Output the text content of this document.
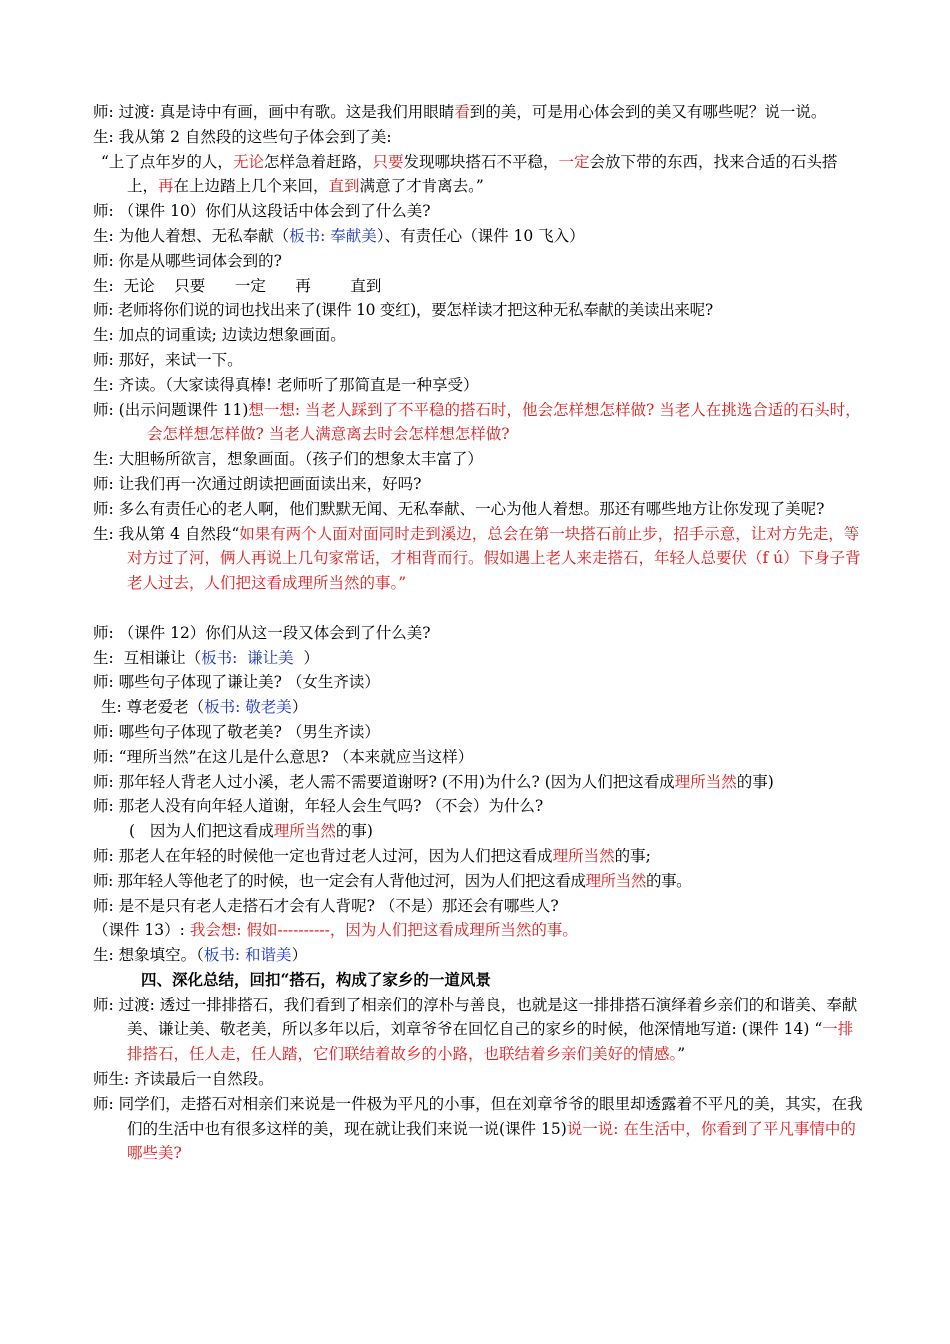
师: 过渡: 真是诗中有画，画中有歌。这是我们用眼睛看到的美，可是用心体会到的美又有哪些呢？说一说。
生: 我从第 2 自然段的这些句子体会到了美:
“上了点年岁的人，无论怎样急着赶路，只要发现哪块搭石不平稳，一定会放下带的东西，找来合适的石头搭上，再在上边踏上几个来回，直到满意了才肯离去。”
师: （课件 10）你们从这段话中体会到了什么美?
生: 为他人着想、无私奉献（板书: 奉献美）、有责任心（课件 10 飞入）
师: 你是从哪些词体会到的?
生:  无论    只要      一定      再        直到
师: 老师将你们说的词也找出来了(课件 10 变红)，要怎样读才把这种无私奉献的美读出来呢?
生: 加点的词重读; 边读边想象画面。
师: 那好，来试一下。
生: 齐读。（大家读得真棒! 老师听了那简直是一种享受）
师: (出示问题课件 11)想一想: 当老人踩到了不平稳的搭石时，他会怎样想怎样做? 当老人在挑选合适的石头时，会怎样想怎样做? 当老人满意离去时会怎样想怎样做?
生: 大胆畅所欲言，想象画面。（孩子们的想象太丰富了）
师: 让我们再一次通过朗读把画面读出来，好吗?
师: 多么有责任心的老人啊，他们默默无闻、无私奉献、一心为他人着想。那还有哪些地方让你发现了美呢?
生: 我从第 4 自然段“如果有两个人面对面同时走到溪边，总会在第一块搭石前止步，招手示意，让对方先走，等对方过了河，俩人再说上几句家常话，才相背而行。假如遇上老人来走搭石，年轻人总要伏（f ú）下身子背老人过去，人们把这看成理所当然的事。”
师: （课件 12）你们从这一段又体会到了什么美?
生:  互相谦让（板书:  谦让美  ）
师: 哪些句子体现了谦让美? （女生齐读）
生: 尊老爱老（板书: 敬老美）
师: 哪些句子体现了敬老美? （男生齐读）
师: “理所当然”在这儿是什么意思? （本来就应当这样）
师: 那年轻人背老人过小溪，老人需不需要道谢呀? (不用)为什么? (因为人们把这看成理所当然的事)
师: 那老人没有向年轻人道谢，年轻人会生气吗? （不会）为什么?
(   因为人们把这看成理所当然的事)
师: 那老人在年轻的时候他一定也背过老人过河，因为人们把这看成理所当然的事;
师: 那年轻人等他老了的时候，也一定会有人背他过河，因为人们把这看成理所当然的事。
师: 是不是只有老人走搭石才会有人背呢? （不是）那还会有哪些人?
（课件 13）: 我会想: 假如----------，因为人们把这看成理所当然的事。
生: 想象填空。（板书: 和谐美）
四、深化总结，回扣“搭石，构成了家乡的一道风景
师: 过渡: 透过一排排搭石，我们看到了相亲们的淳朴与善良，也就是这一排排搭石演绎着乡亲们的和谐美、奉献美、谦让美、敬老美，所以多年以后，刘章爷爷在回忆自己的家乡的时候，他深情地写道: (课件 14) “一排排搭石，任人走，任人踏，它们联结着故乡的小路，也联结着乡亲们美好的情感。”
师生: 齐读最后一自然段。
师: 同学们，走搭石对相亲们来说是一件极为平凡的小事，但在刘章爷爷的眼里却透露着不平凡的美，其实，在我们的生活中也有很多这样的美，现在就让我们来说一说(课件 15)说一说: 在生活中，你看到了平凡事情中的哪些美?
